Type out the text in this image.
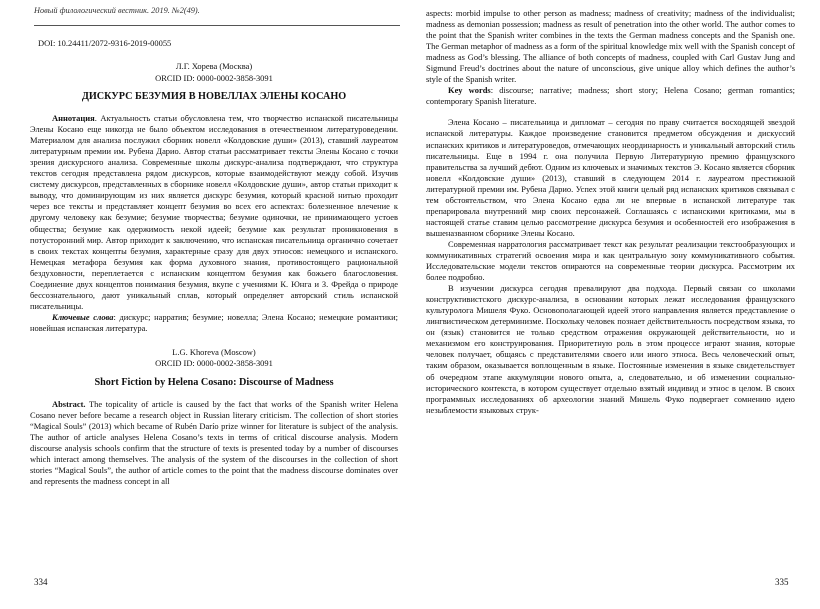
Новый филологический вестник. 2019. №2(49).

DOI: 10.24411/2072-9316-2019-00055

Л.Г. Хорева (Москва)
ORCID ID: 0000-0002-3858-3091

ДИСКУРС БЕЗУМИЯ В НОВЕЛЛАХ ЭЛЕНЫ КОСАНО

Аннотация. Актуальность статьи обусловлена тем, что творчество испанской писательницы Элены Косано еще никогда не было объектом исследования в отечественном литературоведении. Материалом для анализа послужил сборник новелл «Колдовские души» (2013), ставший лауреатом литературным премии им. Рубена Дарио. Автор статьи рассматривает тексты Элены Косано с точки зрения дискурсного анализа. Современные школы дискурс-анализа подтверждают, что структура текстов сегодня представлена рядом дискурсов, которые взаимодействуют между собой. Изучив систему дискурсов, представленных в сборнике новелл «Колдовские души», автор статьи приходит к выводу, что доминирующим из них является дискурс безумия, который красной нитью проходит через все тексты и представляет концепт безумия во всех его аспектах: болезненное влечение к другому человеку как безумие; безумие творчества; безумие одиночки, не принимающего устоев общества; безумие как одержимость некой идеей; безумие как результат проникновения в потусторонний мир. Автор приходит к заключению, что испанская писательница органично сочетает в своих текстах концепты безумия, характерные сразу для двух этносов: немецкого и испанского. Немецкая метафора безумия как форма духовного знания, противостоящего рациональной бездуховности, переплетается с испанским концептом безумия как божьего благословения. Соединение двух концептов понимания безумия, вкупе с учениями К. Юнга и З. Фрейда о природе бессознательного, дают уникальный сплав, который определяет авторский стиль испанской писательницы.

Ключевые слова: дискурс; нарратив; безумие; новелла; Элена Косано; немецкие романтики; новейшая испанская литература.

L.G. Khoreva (Moscow)
ORCID ID: 0000-0002-3858-3091

Short Fiction by Helena Cosano: Discourse of Madness

Abstract. The topicality of article is caused by the fact that works of the Spanish writer Helena Cosano never before became a research object in Russian literary criticism. The collection of short stories “Magical Souls” (2013) which became of Rubén Darío prize winner for literature is subject of the analysis. The author of article analyses Helena Cosano’s texts in terms of critical discourse analysis. Modern discourse analysis schools confirm that the structure of texts is presented today by a number of discourses which interact among themselves. The analysis of the system of the discourses in the collection of short stories “Magical Souls”, the author of article comes to the point that the madness discourse dominates over and represents the madness concept in all

334

aspects: morbid impulse to other person as madness; madness of creativity; madness of the individualist; madness as demonian possession; madness as result of penetration into the other world. The author comes to the point that the Spanish writer combines in the texts the German madness concepts and the Spanish one. The German metaphor of madness as a form of the spiritual knowledge mix well with the Spanish concept of madness as God’s blessing. The alliance of both concepts of madness, coupled with Carl Gustav Jung and Sigmund Freud’s doctrines about the nature of unconscious, give unique alloy which defines the author’s style of the Spanish writer.

Key words: discourse; narrative; madness; short story; Helena Cosano; german romantics; contemporary Spanish literature.

Элена Косано – писательница и дипломат – сегодня по праву считается восходящей звездой испанской литературы. Каждое произведение становится предметом обсуждения и дискуссий испанских критиков и литературоведов, отмечающих неординарность и уникальный авторский стиль писательницы. Еще в 1994 г. она получила Первую Литературную премию французского правительства за лучший дебют. Одним из ключевых и значимых текстов Э. Косано является сборник новелл «Колдовские души» (2013), ставший в следующем 2014 г. лауреатом престижной литературной премии им. Рубена Дарио. Успех этой книги целый ряд испанских критиков связывал с тем обстоятельством, что Элена Косано едва ли не впервые в испанской литературе так препарировала внутренний мир своих персонажей. Соглашаясь с испанскими критиками, мы в настоящей статье ставим целью рассмотрение дискурса безумия и особенностей его изображения в вышеназванном сборнике Элены Косано.

Современная нарратология рассматривает текст как результат реализации текстообразующих и коммуникативных стратегий освоения мира и как центральную зону коммуникативного события. Исследовательские модели текстов опираются на современные теории дискурса. Рассмотрим их более подробно.

В изучении дискурса сегодня превалируют два подхода. Первый связан со школами конструктивистского дискурс-анализа, в основании которых лежат исследования французского культуролога Мишеля Фуко. Основополагающей идеей этого направления является представление о лингвистическом детерминизме. Поскольку человек познает действительность посредством языка, то он (язык) становится не только средством отражения окружающей действительности, но и механизмом его конструирования. Приоритетную роль в этом процессе играют знания, которые человек получает, общаясь с представителями своего или иного этноса. Весь человеческий опыт, таким образом, оказывается воплощенным в языке. Постоянные изменения в языке свидетельствует об очередном этапе аккумуляции нового опыта, а, следовательно, и об изменении социально-исторического контекста, в котором существует отдельно взятый индивид и этнос в целом. В своих программных исследованиях об археологии знаний Мишель Фуко подвергает сомнению идею незыблемости языковых струк-

335
